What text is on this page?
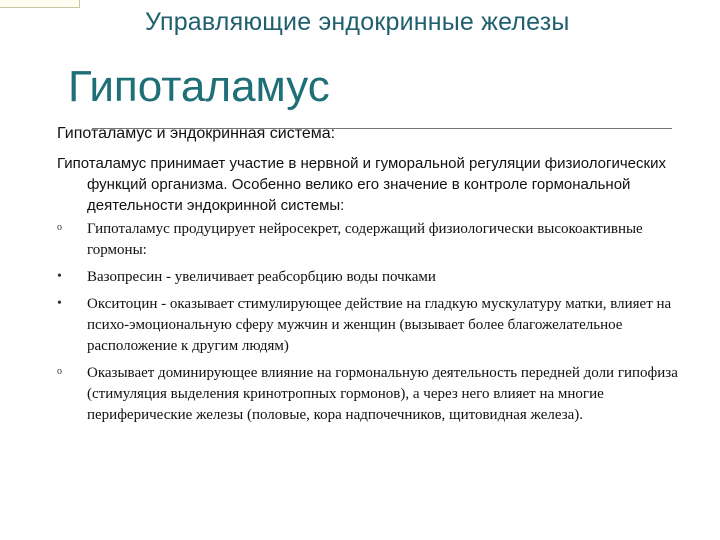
Управляющие эндокринные железы
Гипоталамус
Гипоталамус и эндокринная система:
Гипоталамус принимает участие в нервной и гуморальной регуляции физиологических функций организма. Особенно велико его значение в контроле гормональной деятельности эндокринной системы:
o	Гипоталамус продуцирует нейросекрет, содержащий физиологически высокоактивные гормоны:
•	Вазопресин - увеличивает реабсорбцию воды почками
•	Окситоцин - оказывает стимулирующее действие на гладкую мускулатуру матки, влияет на психо-эмоциональную сферу мужчин и женщин (вызывает более благожелательное расположение к другим людям)
o	Оказывает доминирующее влияние на гормональную деятельность передней доли гипофиза (стимуляция выделения кринотропных гормонов), а через него влияет на многие периферические железы (половые, кора надпочечников, щитовидная железа).
